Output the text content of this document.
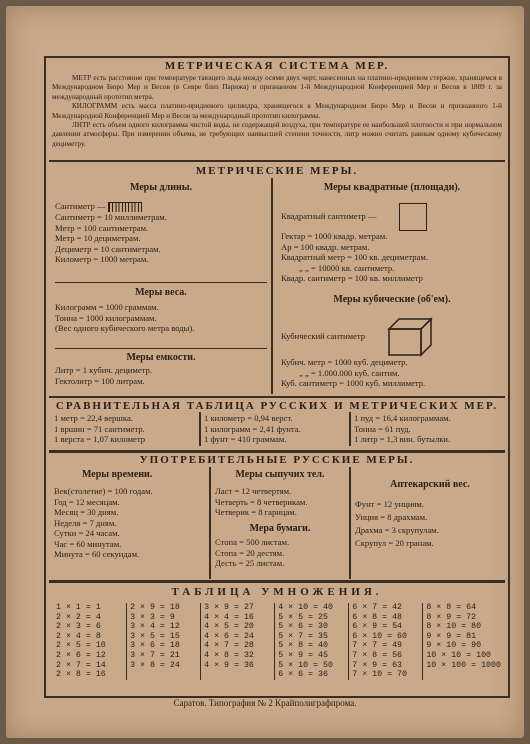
МЕТРИЧЕСКАЯ СИСТЕМА МЕР.
МЕТР есть расстояние при температуре тающего льда между осями двух черт, нанесенных на платино-иридиевом стержне, хранящемся в Международном Бюро Мер и Весов (в Севре близ Парижа) и признанном 1-й Международной Конференцией Мер и Весов в 1889 г. за международный прототип метра.
КИЛОГРАММ есть масса платино-иридиевого цилиндра, хранящегося в Международном Бюро Мер и Весов и признанного 1-й Международной Конференцией Мер и Весов за международный прототип килограмма.
ЛИТР есть объем одного килограмма чистой воды, не содержащей воздуха, при температуре ее наибольшей плотности и при нормальном давлении атмосферы. При измерении объема, не требующих наивысшей степени точности, литр можно считать равным одному кубическому дециметру.
МЕТРИЧЕСКИЕ МЕРЫ.
Меры длины.
Сантиметр —
Сантиметр = 10 миллиметрам.
Метр = 100 сантиметрам.
Метр = 10 дециметрам.
Дециметр = 10 сантиметрам.
Километр = 1000 метрам.
Меры веса.
Килограмм = 1000 граммам.
Тонна = 1000 килограммам.
(Вес одного кубического метра воды).
Меры емкости.
Литр = 1 кубич. дециметр.
Гектолитр = 100 литрам.
Меры квадратные (площади).
Квадратный сантиметр —
Гектар = 1000 квадр. метрам.
Ар = 100 квадр. метрам.
Квадратный метр = 100 кв. дециметрам.
„ „ = 10000 кв. сантиметр.
Квадр. сантиметр = 100 кв. миллиметр
Меры кубические (об'ем).
Кубический сантиметр
Кубич. метр = 1000 куб. дециметр.
„ „ = 1.000.000 куб. сантим.
Куб. сантиметр = 1000 куб. миллиметр.
СРАВНИТЕЛЬНАЯ ТАБЛИЦА РУССКИХ И МЕТРИЧЕСКИХ МЕР.
1 метр = 22,4 вершка.
1 вршин = 71 сантиметр.
1 верста = 1,07 километр
1 километр = 0,94 верст.
1 килограмм = 2,41 фунта.
1 фунт = 410 граммам.
1 пуд = 16,4 килограммам.
Тонна = 61 пуд.
1 литр = 1,3 вин. бутылки.
УПОТРЕБИТЕЛЬНЫЕ РУССКИЕ МЕРЫ.
Меры времени.
Век(столетие) = 100 годам.
Год = 12 месяцам.
Месяц = 30 дням.
Неделя = 7 дням.
Сутки = 24 часам.
Час = 60 минутам.
Минута = 60 секундам.
Меры сыпучих тел.
Ласт = 12 четвертям.
Четверть = 8 четверикам.
Четверик = 8 гарнцам.
Мера бумаги.
Стопа = 500 листам.
Стопа = 20 дестям.
Десть = 25 листам.
Аптекарский вес.
Фунт = 12 унциям.
Унция = 8 драхмам.
Драхма = 3 скрупулам.
Скрупул = 20 гранам.
ТАБЛИЦА УМНОЖЕНИЯ.
1 × 1 = 1
2 × 2 = 4
2 × 3 = 6
2 × 4 = 8
2 × 5 = 10
2 × 6 = 12
2 × 7 = 14
2 × 8 = 16
2 × 9 = 18
3 × 3 = 9
3 × 4 = 12
3 × 5 = 15
3 × 6 = 18
3 × 7 = 21
3 × 8 = 24
3 × 9 = 27
4 × 4 = 16
4 × 5 = 20
4 × 6 = 24
4 × 7 = 28
4 × 8 = 32
4 × 9 = 36
4 × 10 = 40
5 × 5 = 25
5 × 6 = 30
5 × 7 = 35
5 × 8 = 40
5 × 9 = 45
5 × 10 = 50
6 × 6 = 36
6 × 7 = 42
6 × 8 = 48
6 × 9 = 54
6 × 10 = 60
7 × 7 = 49
7 × 8 = 56
7 × 9 = 63
7 × 10 = 70
8 × 8 = 64
8 × 9 = 72
8 × 10 = 80
9 × 9 = 81
9 × 10 = 90
10 × 10 = 100
10 × 100 = 1000
Саратов. Типография № 2 Крайполиграфпрома.
